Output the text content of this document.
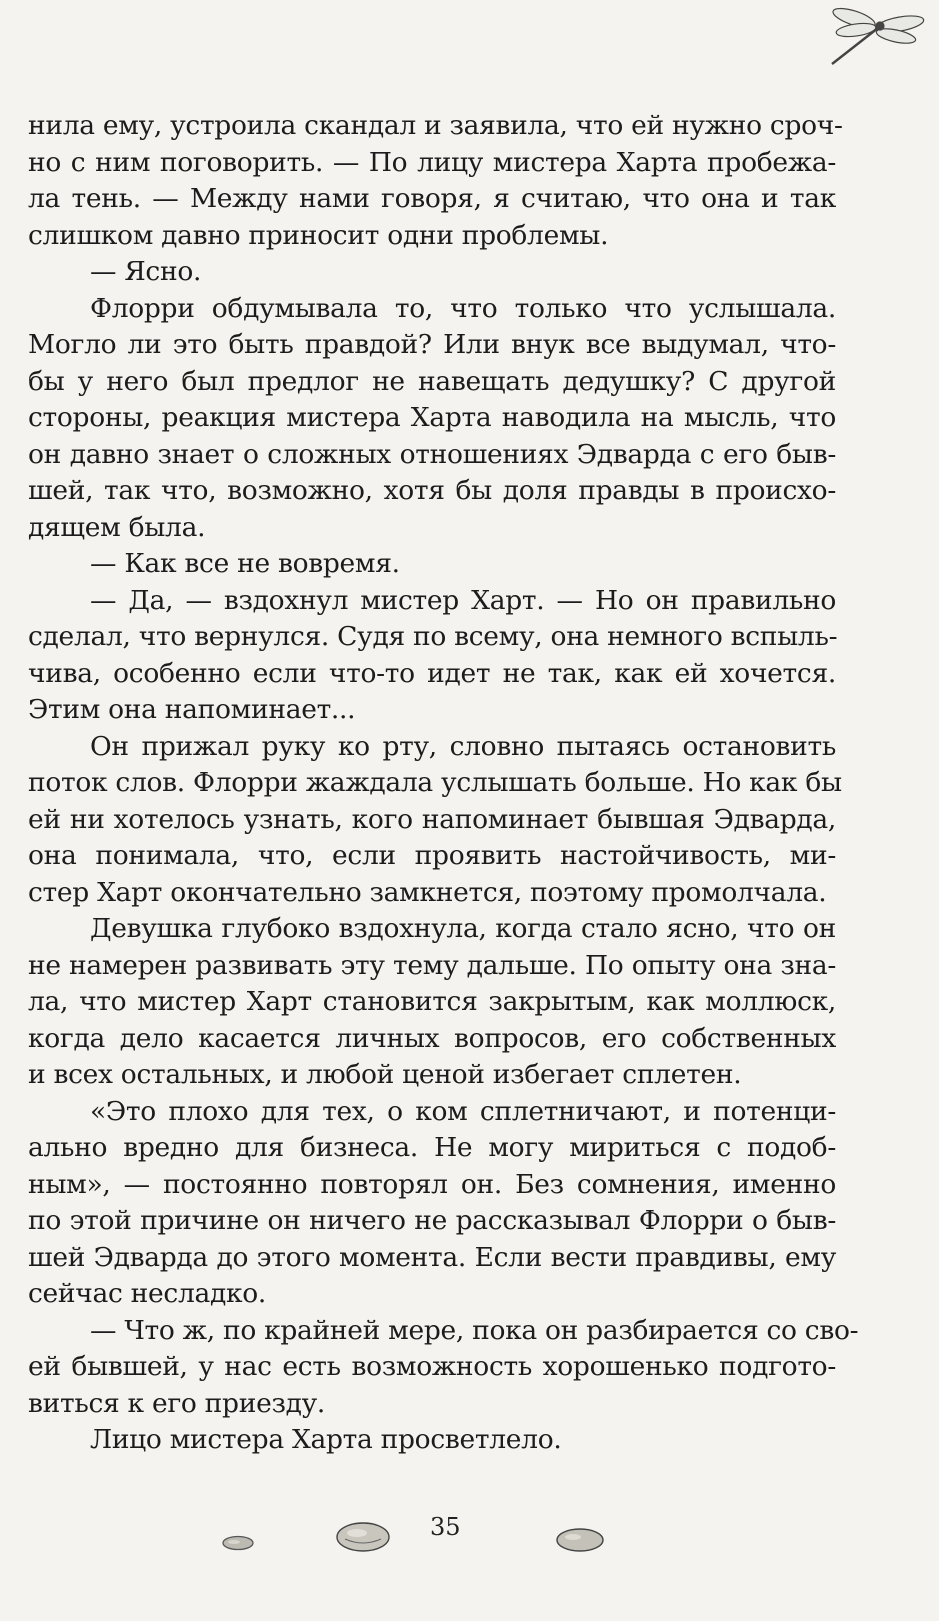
нила ему, устроила скандал и заявила, что ей нужно сроч-
но с ним поговорить. — По лицу мистера Харта пробежа-
ла тень. — Между нами говоря, я считаю, что она и так
слишком давно приносит одни проблемы.
— Ясно.
Флорри обдумывала то, что только что услышала.
Могло ли это быть правдой? Или внук все выдумал, что-
бы у него был предлог не навещать дедушку? С другой
стороны, реакция мистера Харта наводила на мысль, что
он давно знает о сложных отношениях Эдварда с его быв-
шей, так что, возможно, хотя бы доля правды в происхо-
дящем была.
— Как все не вовремя.
— Да, — вздохнул мистер Харт. — Но он правильно
сделал, что вернулся. Судя по всему, она немного вспыль-
чива, особенно если что-то идет не так, как ей хочется.
Этим она напоминает...
Он прижал руку ко рту, словно пытаясь остановить
поток слов. Флорри жаждала услышать больше. Но как бы
ей ни хотелось узнать, кого напоминает бывшая Эдварда,
она понимала, что, если проявить настойчивость, ми-
стер Харт окончательно замкнется, поэтому промолчала.
Девушка глубоко вздохнула, когда стало ясно, что он
не намерен развивать эту тему дальше. По опыту она зна-
ла, что мистер Харт становится закрытым, как моллюск,
когда дело касается личных вопросов, его собственных
и всех остальных, и любой ценой избегает сплетен.
«Это плохо для тех, о ком сплетничают, и потенци-
ально вредно для бизнеса. Не могу мириться с подоб-
ным», — постоянно повторял он. Без сомнения, именно
по этой причине он ничего не рассказывал Флорри о быв-
шей Эдварда до этого момента. Если вести правдивы, ему
сейчас несладко.
— Что ж, по крайней мере, пока он разбирается со сво-
ей бывшей, у нас есть возможность хорошенько подгото-
виться к его приезду.
Лицо мистера Харта просветлело.
35
